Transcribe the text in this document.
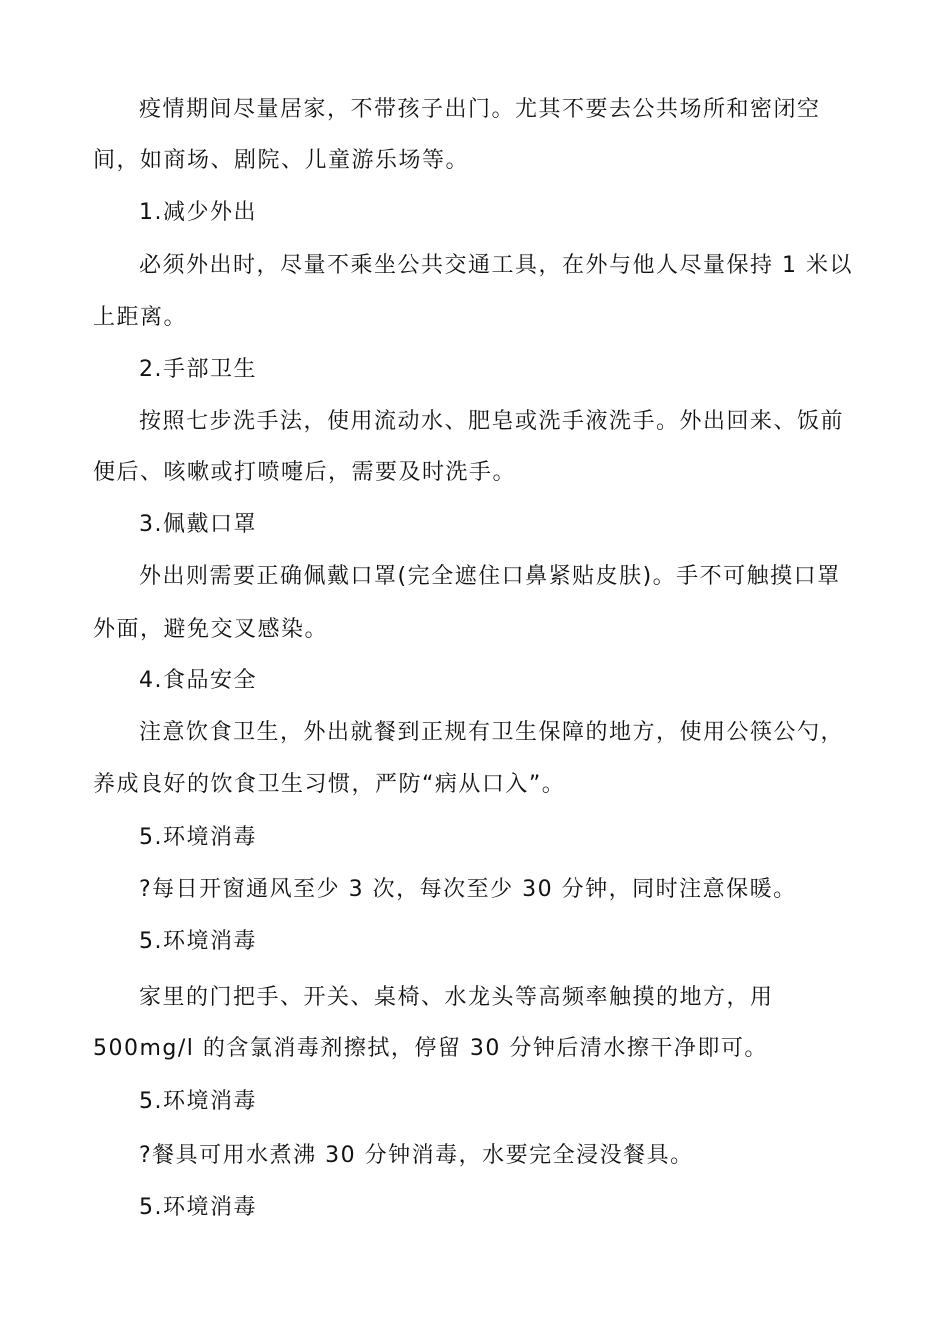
疫情期间尽量居家，不带孩子出门。尤其不要去公共场所和密闭空
间，如商场、剧院、儿童游乐场等。
1.减少外出
必须外出时，尽量不乘坐公共交通工具，在外与他人尽量保持 1 米以
上距离。
2.手部卫生
按照七步洗手法，使用流动水、肥皂或洗手液洗手。外出回来、饭前
便后、咳嗽或打喷嚏后，需要及时洗手。
3.佩戴口罩
外出则需要正确佩戴口罩(完全遮住口鼻紧贴皮肤)。手不可触摸口罩
外面，避免交叉感染。
4.食品安全
注意饮食卫生，外出就餐到正规有卫生保障的地方，使用公筷公勺，
养成良好的饮食卫生习惯，严防“病从口入”。
5.环境消毒
?每日开窗通风至少 3 次，每次至少 30 分钟，同时注意保暖。
5.环境消毒
家里的门把手、开关、桌椅、水龙头等高频率触摸的地方，用
500mg/l 的含氯消毒剂擦拭，停留 30 分钟后清水擦干净即可。
5.环境消毒
?餐具可用水煮沸 30 分钟消毒，水要完全浸没餐具。
5.环境消毒
